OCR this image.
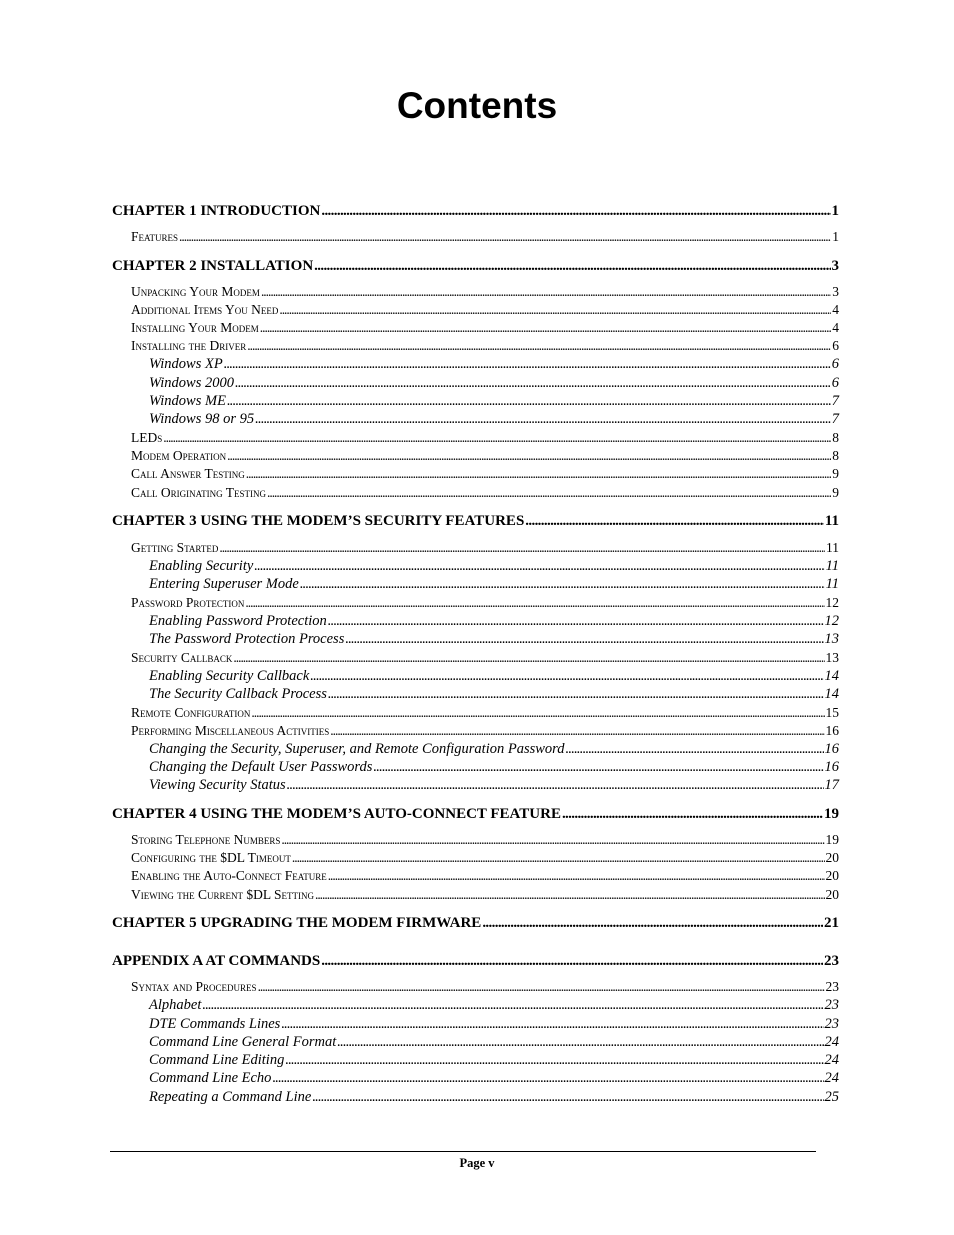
Contents
CHAPTER 1 INTRODUCTION . . .	1
Features . . .	1
CHAPTER 2 INSTALLATION . . .	3
Unpacking Your Modem . . .	3
Additional Items You Need . . .	4
Installing Your Modem . . .	4
Installing the Driver . . .	6
Windows XP . . .	6
Windows 2000 . . .	6
Windows ME . . .	7
Windows 98 or 95 . . .	7
LEDs . . .	8
Modem Operation . . .	8
Call Answer Testing . . .	9
Call Originating Testing . . .	9
CHAPTER 3 USING THE MODEM’S SECURITY FEATURES . . .	11
Getting Started . . .	11
Enabling Security . . .	11
Entering Superuser Mode . . .	11
Password Protection . . .	12
Enabling Password Protection . . .	12
The Password Protection Process . . .	13
Security Callback . . .	13
Enabling Security Callback . . .	14
The Security Callback Process . . .	14
Remote Configuration . . .	15
Performing Miscellaneous Activities . . .	16
Changing the Security, Superuser, and Remote Configuration Password . . .	16
Changing the Default User Passwords . . .	16
Viewing Security Status . . .	17
CHAPTER 4 USING THE MODEM’S AUTO-CONNECT FEATURE . . .	19
Storing Telephone Numbers . . .	19
Configuring the $DL Timeout . . .	20
Enabling the Auto-Connect Feature . . .	20
Viewing the Current $DL Setting . . .	20
CHAPTER 5 UPGRADING THE MODEM FIRMWARE . . .	21
APPENDIX A AT COMMANDS . . .	23
Syntax and Procedures . . .	23
Alphabet . . .	23
DTE Commands Lines . . .	23
Command Line General Format . . .	24
Command Line Editing . . .	24
Command Line Echo . . .	24
Repeating a Command Line . . .	25
Page v
